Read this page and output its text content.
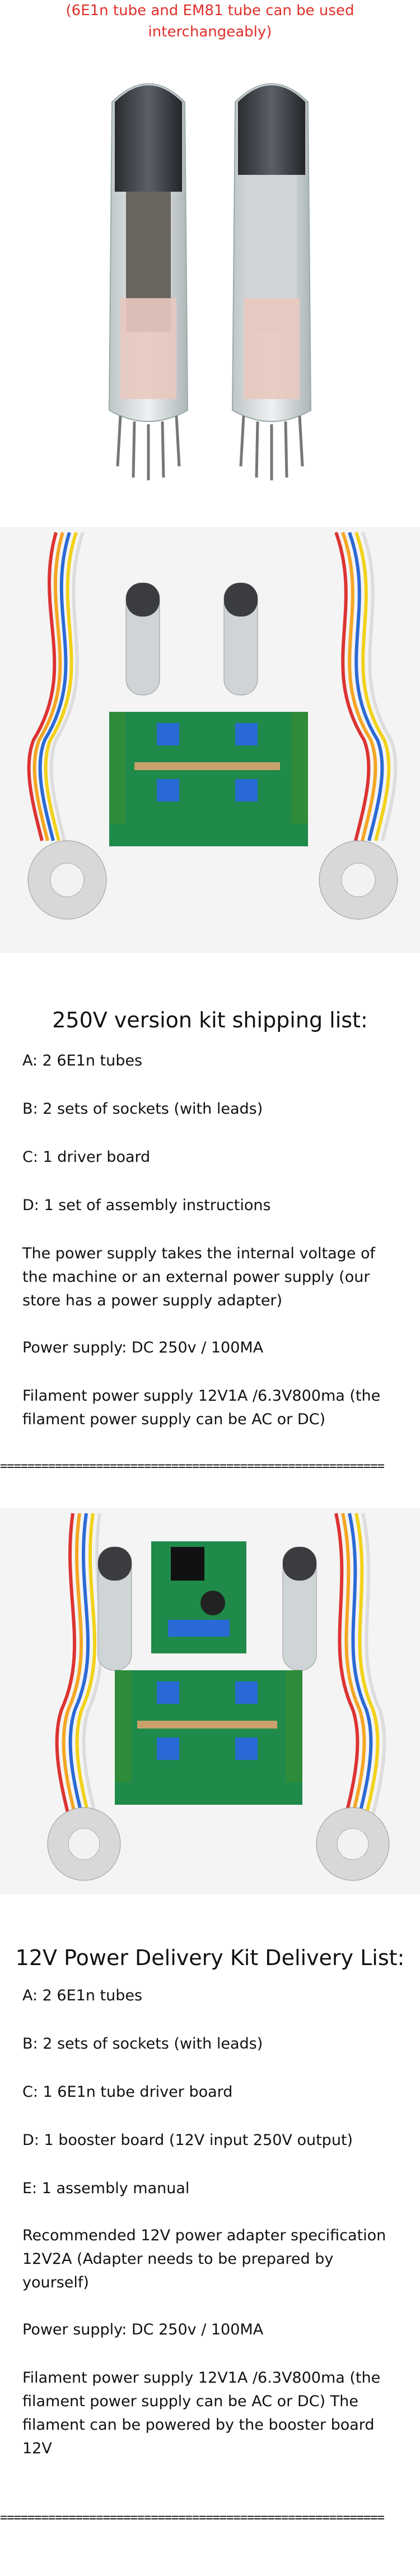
(6E1n tube and EM81 tube can be used
interchangeably)
250V version kit shipping list:
A: 2 6E1n tubes
B: 2 sets of sockets (with leads)
C: 1 driver board
D: 1 set of assembly instructions
The power supply takes the internal voltage of the machine or an external power supply (our store has a power supply adapter)
Power supply: DC 250v / 100MA
Filament power supply 12V1A /6.3V800ma (the filament power supply can be AC or DC)
========================================================
12V Power Delivery Kit Delivery List:
A: 2 6E1n tubes
B: 2 sets of sockets (with leads)
C: 1 6E1n tube driver board
D: 1 booster board (12V input 250V output)
E: 1 assembly manual
Recommended 12V power adapter specification 12V2A (Adapter needs to be prepared by yourself)
Power supply: DC 250v / 100MA
Filament power supply 12V1A /6.3V800ma (the filament power supply can be AC or DC) The filament can be powered by the booster board 12V
========================================================
